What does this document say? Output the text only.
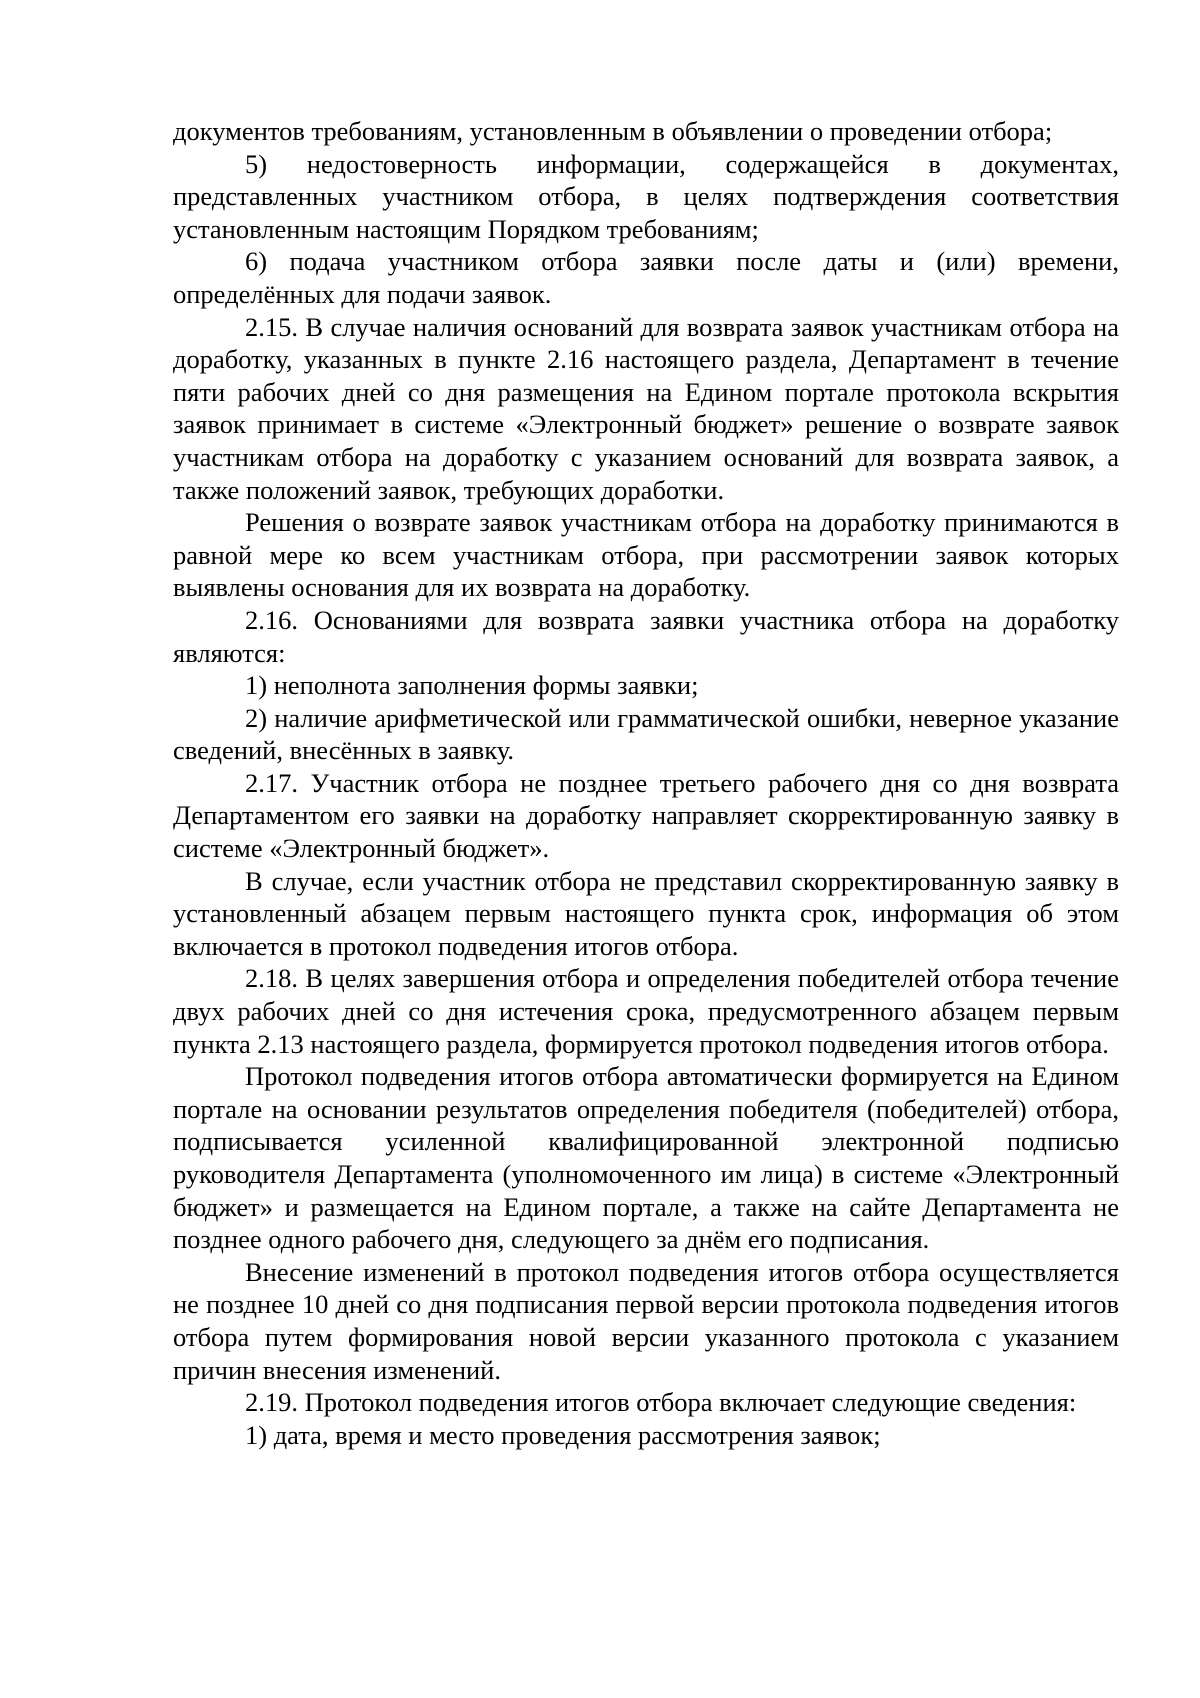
документов требованиям, установленным в объявлении о проведении отбора;

5) недостоверность информации, содержащейся в документах, представленных участником отбора, в целях подтверждения соответствия установленным настоящим Порядком требованиям;

6) подача участником отбора заявки после даты и (или) времени, определённых для подачи заявок.

2.15. В случае наличия оснований для возврата заявок участникам отбора на доработку, указанных в пункте 2.16 настоящего раздела, Департамент в течение пяти рабочих дней со дня размещения на Едином портале протокола вскрытия заявок принимает в системе «Электронный бюджет» решение о возврате заявок участникам отбора на доработку с указанием оснований для возврата заявок, а также положений заявок, требующих доработки.

Решения о возврате заявок участникам отбора на доработку принимаются в равной мере ко всем участникам отбора, при рассмотрении заявок которых выявлены основания для их возврата на доработку.

2.16. Основаниями для возврата заявки участника отбора на доработку являются:

1) неполнота заполнения формы заявки;

2) наличие арифметической или грамматической ошибки, неверное указание сведений, внесённых в заявку.

2.17. Участник отбора не позднее третьего рабочего дня со дня возврата Департаментом его заявки на доработку направляет скорректированную заявку в системе «Электронный бюджет».

В случае, если участник отбора не представил скорректированную заявку в установленный абзацем первым настоящего пункта срок, информация об этом включается в протокол подведения итогов отбора.

2.18. В целях завершения отбора и определения победителей отбора течение двух рабочих дней со дня истечения срока, предусмотренного абзацем первым пункта 2.13 настоящего раздела, формируется протокол подведения итогов отбора.

Протокол подведения итогов отбора автоматически формируется на Едином портале на основании результатов определения победителя (победителей) отбора, подписывается усиленной квалифицированной электронной подписью руководителя Департамента (уполномоченного им лица) в системе «Электронный бюджет» и размещается на Едином портале, а также на сайте Департамента не позднее одного рабочего дня, следующего за днём его подписания.

Внесение изменений в протокол подведения итогов отбора осуществляется не позднее 10 дней со дня подписания первой версии протокола подведения итогов отбора путем формирования новой версии указанного протокола с указанием причин внесения изменений.

2.19. Протокол подведения итогов отбора включает следующие сведения:

1) дата, время и место проведения рассмотрения заявок;
